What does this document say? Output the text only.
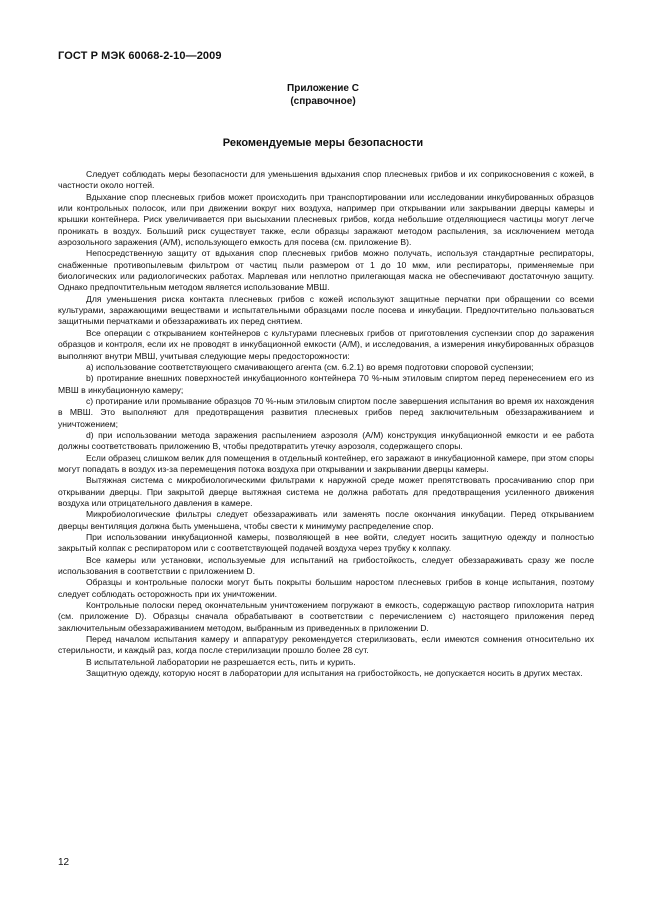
ГОСТ Р МЭК 60068-2-10—2009
Приложение С
(справочное)
Рекомендуемые меры безопасности

Следует соблюдать меры безопасности для уменьшения вдыхания спор плесневых грибов и их соприкосновения с кожей, в частности около ногтей.

Вдыхание спор плесневых грибов может происходить при транспортировании или исследовании инкубированных образцов или контрольных полосок, или при движении вокруг них воздуха, например при открывании или закрывании дверцы камеры и крышки контейнера. Риск увеличивается при высыхании плесневых грибов, когда небольшие отделяющиеся частицы могут легче проникать в воздух. Больший риск существует также, если образцы заражают методом распыления, за исключением метода аэрозольного заражения (А/М), использующего емкость для посева (см. приложение В).

Непосредственную защиту от вдыхания спор плесневых грибов можно получать, используя стандартные респираторы, снабженные противопылевым фильтром от частиц пыли размером от 1 до 10 мкм, или респираторы, применяемые при биологических или радиологических работах. Марлевая или неплотно прилегающая маска не обеспечивают достаточную защиту. Однако предпочтительным методом является использование МВШ.

Для уменьшения риска контакта плесневых грибов с кожей используют защитные перчатки при обращении со всеми культурами, заражающими веществами и испытательными образцами после посева и инкубации. Предпочтительно пользоваться защитными перчатками и обеззараживать их перед снятием.

Все операции с открыванием контейнеров с культурами плесневых грибов от приготовления суспензии спор до заражения образцов и контроля, если их не проводят в инкубационной емкости (А/М), и исследования, а измерения инкубированных образцов выполняют внутри МВШ, учитывая следующие меры предосторожности:

а) использование соответствующего смачивающего агента (см. 6.2.1) во время подготовки споровой суспензии;

b) протирание внешних поверхностей инкубационного контейнера 70 %-ным этиловым спиртом перед перенесением его из МВШ в инкубационную камеру;

с) протирание или промывание образцов 70 %-ным этиловым спиртом после завершения испытания во время их нахождения в МВШ. Это выполняют для предотвращения развития плесневых грибов перед заключительным обеззараживанием и уничтожением;

d) при использовании метода заражения распылением аэрозоля (А/М) конструкция инкубационной емкости и ее работа должны соответствовать приложению В, чтобы предотвратить утечку аэрозоля, содержащего споры.

Если образец слишком велик для помещения в отдельный контейнер, его заражают в инкубационной камере, при этом споры могут попадать в воздух из-за перемещения потока воздуха при открывании и закрывании дверцы камеры.

Вытяжная система с микробиологическими фильтрами к наружной среде может препятствовать просачиванию спор при открывании дверцы. При закрытой дверце вытяжная система не должна работать для предотвращения усиленного движения воздуха или отрицательного давления в камере.

Микробиологические фильтры следует обеззараживать или заменять после окончания инкубации. Перед открыванием дверцы вентиляция должна быть уменьшена, чтобы свести к минимуму распределение спор.

При использовании инкубационной камеры, позволяющей в нее войти, следует носить защитную одежду и полностью закрытый колпак с респиратором или с соответствующей подачей воздуха через трубку к колпаку.

Все камеры или установки, используемые для испытаний на грибостойкость, следует обеззараживать сразу же после использования в соответствии с приложением D.

Образцы и контрольные полоски могут быть покрыты большим наростом плесневых грибов в конце испытания, поэтому следует соблюдать осторожность при их уничтожении.

Контрольные полоски перед окончательным уничтожением погружают в емкость, содержащую раствор гипохлорита натрия (см. приложение D). Образцы сначала обрабатывают в соответствии с перечислением с) настоящего приложения перед заключительным обеззараживанием методом, выбранным из приведенных в приложении D.

Перед началом испытания камеру и аппаратуру рекомендуется стерилизовать, если имеются сомнения относительно их стерильности, и каждый раз, когда после стерилизации прошло более 28 сут.

В испытательной лаборатории не разрешается есть, пить и курить.

Защитную одежду, которую носят в лаборатории для испытания на грибостойкость, не допускается носить в других местах.

12
